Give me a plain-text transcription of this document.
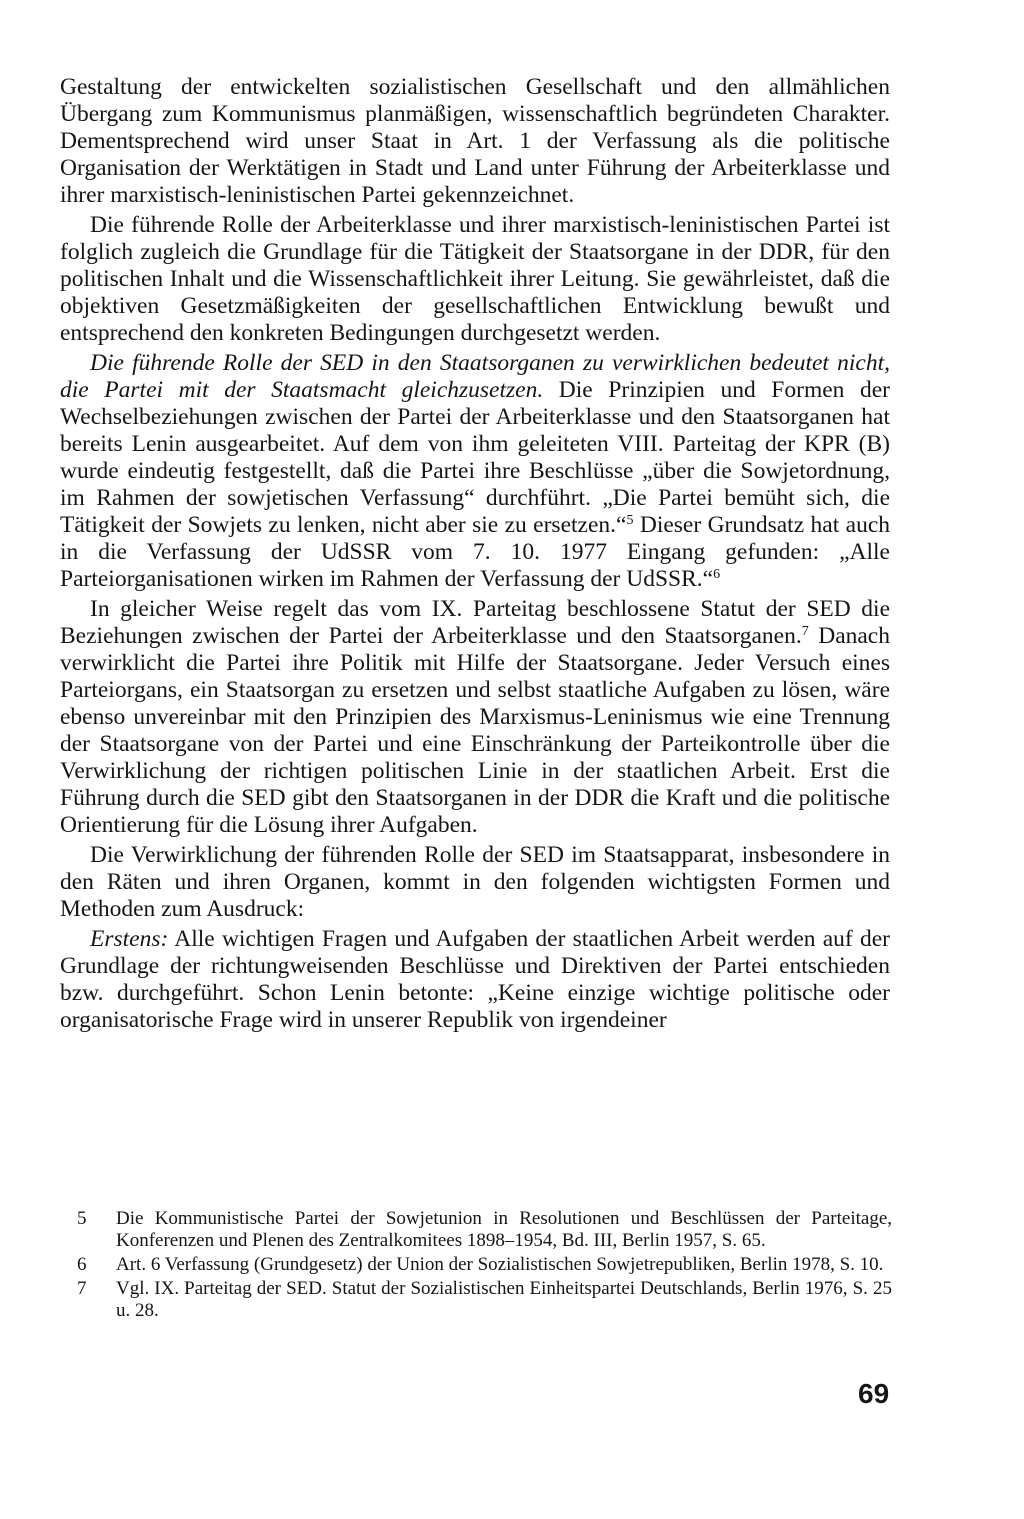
Gestaltung der entwickelten sozialistischen Gesellschaft und den allmählichen Übergang zum Kommunismus planmäßigen, wissenschaftlich begründeten Charakter. Dementsprechend wird unser Staat in Art. 1 der Verfassung als die politische Organisation der Werktätigen in Stadt und Land unter Führung der Arbeiterklasse und ihrer marxistisch-leninistischen Partei gekennzeichnet.

Die führende Rolle der Arbeiterklasse und ihrer marxistisch-leninistischen Partei ist folglich zugleich die Grundlage für die Tätigkeit der Staatsorgane in der DDR, für den politischen Inhalt und die Wissenschaftlichkeit ihrer Leitung. Sie gewährleistet, daß die objektiven Gesetzmäßigkeiten der gesellschaftlichen Entwicklung bewußt und entsprechend den konkreten Bedingungen durchgesetzt werden.

Die führende Rolle der SED in den Staatsorganen zu verwirklichen bedeutet nicht, die Partei mit der Staatsmacht gleichzusetzen. Die Prinzipien und Formen der Wechselbeziehungen zwischen der Partei der Arbeiterklasse und den Staatsorganen hat bereits Lenin ausgearbeitet. Auf dem von ihm geleiteten VIII. Parteitag der KPR (B) wurde eindeutig festgestellt, daß die Partei ihre Beschlüsse „über die Sowjetordnung, im Rahmen der sowjetischen Verfassung“ durchführt. „Die Partei bemüht sich, die Tätigkeit der Sowjets zu lenken, nicht aber sie zu ersetzen.“$^5$ Dieser Grundsatz hat auch in die Verfassung der UdSSR vom 7. 10. 1977 Eingang gefunden: „Alle Parteiorganisationen wirken im Rahmen der Verfassung der UdSSR.“$^6$

In gleicher Weise regelt das vom IX. Parteitag beschlossene Statut der SED die Beziehungen zwischen der Partei der Arbeiterklasse und den Staatsorganen.$^7$ Danach verwirklicht die Partei ihre Politik mit Hilfe der Staatsorgane. Jeder Versuch eines Parteiorgans, ein Staatsorgan zu ersetzen und selbst staatliche Aufgaben zu lösen, wäre ebenso unvereinbar mit den Prinzipien des Marxismus-Leninismus wie eine Trennung der Staatsorgane von der Partei und eine Einschränkung der Parteikontrolle über die Verwirklichung der richtigen politischen Linie in der staatlichen Arbeit. Erst die Führung durch die SED gibt den Staatsorganen in der DDR die Kraft und die politische Orientierung für die Lösung ihrer Aufgaben.

Die Verwirklichung der führenden Rolle der SED im Staatsapparat, insbesondere in den Räten und ihren Organen, kommt in den folgenden wichtigsten Formen und Methoden zum Ausdruck:

Erstens: Alle wichtigen Fragen und Aufgaben der staatlichen Arbeit werden auf der Grundlage der richtungweisenden Beschlüsse und Direktiven der Partei entschieden bzw. durchgeführt. Schon Lenin betonte: „Keine einzige wichtige politische oder organisatorische Frage wird in unserer Republik von irgendeiner

5 Die Kommunistische Partei der Sowjetunion in Resolutionen und Beschlüssen der Parteitage, Konferenzen und Plenen des Zentralkomitees 1898–1954, Bd. III, Berlin 1957, S. 65.
6 Art. 6 Verfassung (Grundgesetz) der Union der Sozialistischen Sowjetrepubliken, Berlin 1978, S. 10.
7 Vgl. IX. Parteitag der SED. Statut der Sozialistischen Einheitspartei Deutschlands, Berlin 1976, S. 25 u. 28.
69
